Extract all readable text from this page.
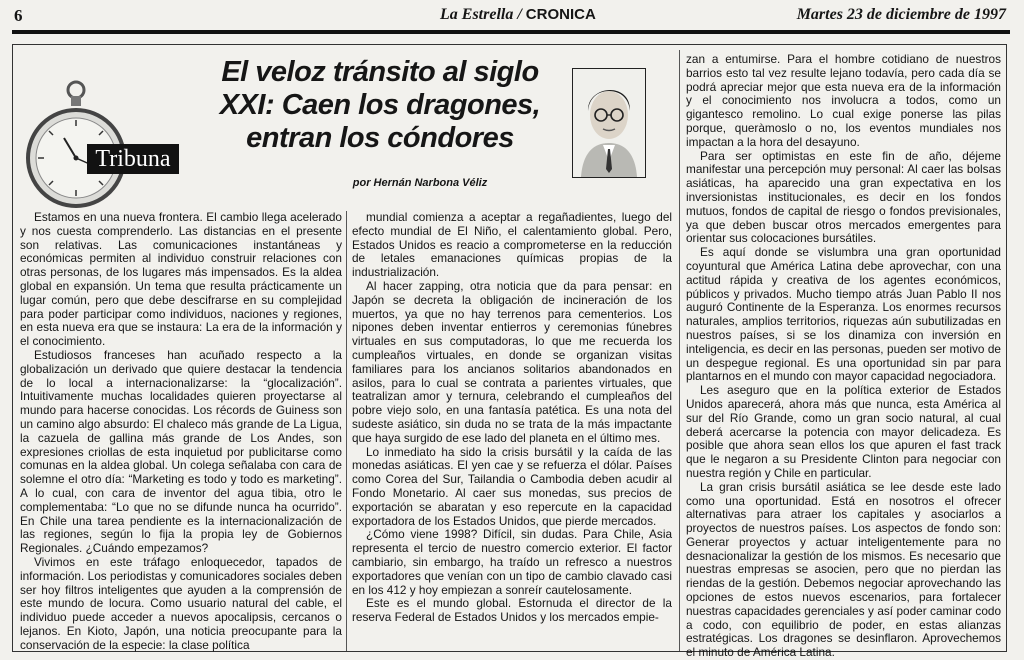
6	La Estrella / CRONICA	Martes 23 de diciembre de 1997
Tribuna
El veloz tránsito al siglo XXI: Caen los dragones, entran los cóndores
por Hernán Narbona Véliz

Estamos en una nueva frontera. El cambio llega acelerado y nos cuesta comprenderlo. Las distancias en el presente son relativas. Las comunicaciones instantáneas y económicas permiten al individuo construir relaciones con otras personas, de los lugares más impensados. Es la aldea global en expansión. Un tema que resulta prácticamente un lugar común, pero que debe descifrarse en su complejidad para poder participar como individuos, naciones y regiones, en esta nueva era que se instaura: La era de la información y el conocimiento.

Estudiosos franceses han acuñado respecto a la globalización un derivado que quiere destacar la tendencia de lo local a internacionalizarse: la “glocalización”. Intuitivamente muchas localidades quieren proyectarse al mundo para hacerse conocidas. Los récords de Guiness son un camino algo absurdo: El chaleco más grande de La Ligua, la cazuela de gallina más grande de Los Andes, son expresiones criollas de esta inquietud por publicitarse como comunas en la aldea global. Un colega señalaba con cara de solemne el otro día: “Marketing es todo y todo es marketing”. A lo cual, con cara de inventor del agua tibia, otro le complementaba: “Lo que no se difunde nunca ha ocurrido”. En Chile una tarea pendiente es la internacionalización de las regiones, según lo fija la propia ley de Gobiernos Regionales. ¿Cuándo empezamos?

Vivimos en este tráfago enloquecedor, tapados de información. Los periodistas y comunicadores sociales deben ser hoy filtros inteligentes que ayuden a la comprensión de este mundo de locura. Como usuario natural del cable, el individuo puede acceder a nuevos apocalipsis, cercanos o lejanos. En Kioto, Japón, una noticia preocupante para la conservación de la especie: la clase política

mundial comienza a aceptar a regañadientes, luego del efecto mundial de El Niño, el calentamiento global. Pero, Estados Unidos es reacio a comprometerse en la reducción de letales emanaciones químicas propias de la industrialización.

Al hacer zapping, otra noticia que da para pensar: en Japón se decreta la obligación de incineración de los muertos, ya que no hay terrenos para cementerios. Los nipones deben inventar entierros y ceremonias fúnebres virtuales en sus computadoras, lo que me recuerda los cumpleaños virtuales, en donde se organizan visitas familiares para los ancianos solitarios abandonados en asilos, para lo cual se contrata a parientes virtuales, que teatralizan amor y ternura, celebrando el cumpleaños del pobre viejo solo, en una fantasía patética. Es una nota del sudeste asiático, sin duda no se trata de la más impactante que haya surgido de ese lado del planeta en el último mes.

Lo inmediato ha sido la crisis bursátil y la caída de las monedas asiáticas. El yen cae y se refuerza el dólar. Países como Corea del Sur, Tailandia o Cambodia deben acudir al Fondo Monetario. Al caer sus monedas, sus precios de exportación se abaratan y eso repercute en la capacidad exportadora de los Estados Unidos, que pierde mercados.

¿Cómo viene 1998? Difícil, sin dudas. Para Chile, Asia representa el tercio de nuestro comercio exterior. El factor cambiario, sin embargo, ha traído un refresco a nuestros exportadores que venían con un tipo de cambio clavado casi en los 412 y hoy empiezan a sonreír cautelosamente.

Este es el mundo global. Estornuda el director de la reserva Federal de Estados Unidos y los mercados empie-

zan a entumirse. Para el hombre cotidiano de nuestros barrios esto tal vez resulte lejano todavía, pero cada día se podrá apreciar mejor que esta nueva era de la información y el conocimiento nos involucra a todos, como un gigantesco remolino. Lo cual exige ponerse las pilas porque, queràmoslo o no, los eventos mundiales nos impactan a la hora del desayuno.

Para ser optimistas en este fin de año, déjeme manifestar una percepción muy personal: Al caer las bolsas asiáticas, ha aparecido una gran expectativa en los inversionistas institucionales, es decir en los fondos mutuos, fondos de capital de riesgo o fondos previsionales, ya que deben buscar otros mercados emergentes para orientar sus colocaciones bursátiles.

Es aquí donde se vislumbra una gran oportunidad coyuntural que América Latina debe aprovechar, con una actitud rápida y creativa de los agentes económicos, públicos y privados. Mucho tiempo atrás Juan Pablo II nos auguró Continente de la Esperanza. Los enormes recursos naturales, amplios territorios, riquezas aún subutilizadas en nuestros países, si se los dinamiza con inversión en inteligencia, es decir en las personas, pueden ser motivo de un despegue regional. Es una oportunidad sin par para plantarnos en el mundo con mayor capacidad negociadora.

Les aseguro que en la política exterior de Estados Unidos aparecerá, ahora más que nunca, esta América al sur del Río Grande, como un gran socio natural, al cual deberá acercarse la potencia con mayor delicadeza. Es posible que ahora sean ellos los que apuren el fast track que le negaron a su Presidente Clinton para negociar con nuestra región y Chile en particular.

La gran crisis bursátil asiática se lee desde este lado como una oportunidad. Está en nosotros el ofrecer alternativas para atraer los capitales y asociarlos a proyectos de nuestros países. Los aspectos de fondo son: Generar proyectos y actuar inteligentemente para no desnacionalizar la gestión de los mismos. Es necesario que nuestras empresas se asocien, pero que no pierdan las riendas de la gestión. Debemos negociar aprovechando las opciones de estos nuevos escenarios, para fortalecer nuestras capacidades gerenciales y así poder caminar codo a codo, con equilibrio de poder, en estas alianzas estratégicas. Los dragones se desinflaron. Aprovechemos el minuto de América Latina.
